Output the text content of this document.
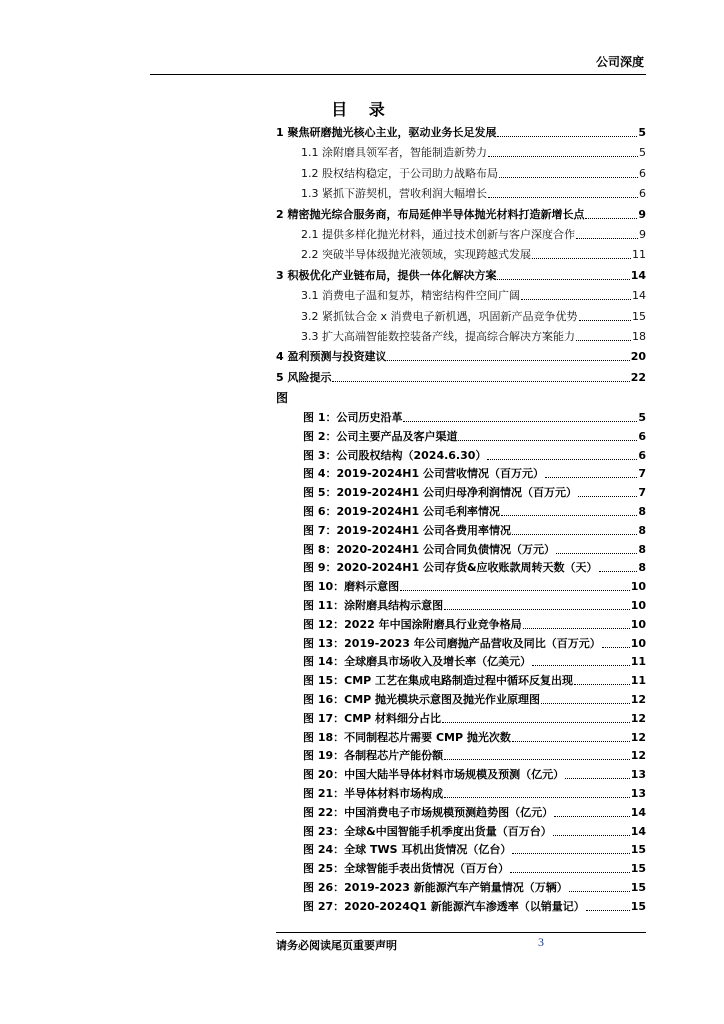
公司深度
目 录
1 聚焦研磨抛光核心主业，驱动业务长足发展	5
1.1 涂附磨具领军者，智能制造新势力	5
1.2 股权结构稳定，于公司助力战略布局	6
1.3 紧抓下游契机，营收利润大幅增长	6
2 精密抛光综合服务商，布局延伸半导体抛光材料打造新增长点	9
2.1 提供多样化抛光材料，通过技术创新与客户深度合作	9
2.2 突破半导体级抛光液领域，实现跨越式发展	11
3 积极优化产业链布局，提供一体化解决方案	14
3.1 消费电子温和复苏，精密结构件空间广阔	14
3.2 紧抓钛合金 x 消费电子新机遇，巩固新产品竞争优势	15
3.3 扩大高端智能数控装备产线，提高综合解决方案能力	18
4 盈利预测与投资建议	20
5 风险提示	22
图
图 1：公司历史沿革	5
图 2：公司主要产品及客户渠道	6
图 3：公司股权结构（2024.6.30）	6
图 4：2019-2024H1 公司营收情况（百万元）	7
图 5：2019-2024H1 公司归母净利润情况（百万元）	7
图 6：2019-2024H1 公司毛利率情况	8
图 7：2019-2024H1 公司各费用率情况	8
图 8：2020-2024H1 公司合同负债情况（万元）	8
图 9：2020-2024H1 公司存货&应收账款周转天数（天）	8
图 10：磨料示意图	10
图 11：涂附磨具结构示意图	10
图 12：2022 年中国涂附磨具行业竞争格局	10
图 13：2019-2023 年公司磨抛产品营收及同比（百万元）	10
图 14：全球磨具市场收入及增长率（亿美元）	11
图 15：CMP 工艺在集成电路制造过程中循环反复出现	11
图 16：CMP 抛光模块示意图及抛光作业原理图	12
图 17：CMP 材料细分占比	12
图 18：不同制程芯片需要 CMP 抛光次数	12
图 19：各制程芯片产能份额	12
图 20：中国大陆半导体材料市场规模及预测（亿元）	13
图 21：半导体材料市场构成	13
图 22：中国消费电子市场规模预测趋势图（亿元）	14
图 23：全球&中国智能手机季度出货量（百万台）	14
图 24：全球 TWS 耳机出货情况（亿台）	15
图 25：全球智能手表出货情况（百万台）	15
图 26：2019-2023 新能源汽车产销量情况（万辆）	15
图 27：2020-2024Q1 新能源汽车渗透率（以销量记）	15
请务必阅读尾页重要声明	3
